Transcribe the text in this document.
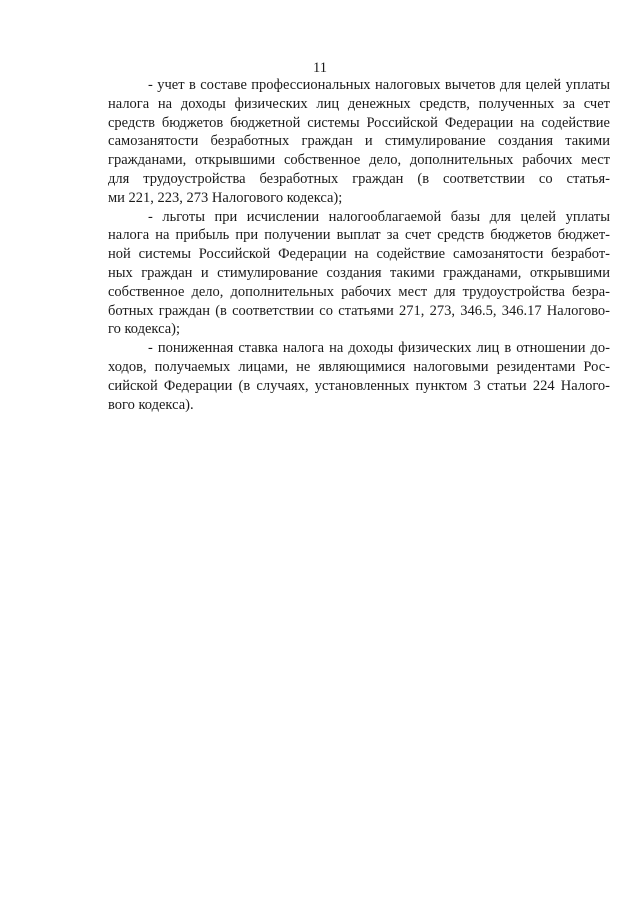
11

- учет в составе профессиональных налоговых вычетов для целей уплаты
налога на доходы физических лиц денежных средств, полученных за счет
средств бюджетов бюджетной системы Российской Федерации на содействие
самозанятости безработных граждан и стимулирование создания такими
гражданами, открывшими собственное дело, дополнительных рабочих мест
для трудоустройства безработных граждан (в соответствии со статья-
ми 221, 223, 273 Налогового кодекса);

- льготы при исчислении налогооблагаемой базы для целей уплаты
налога на прибыль при получении выплат за счет средств бюджетов бюджет-
ной системы Российской Федерации на содействие самозанятости безработ-
ных граждан и стимулирование создания такими гражданами, открывшими
собственное дело, дополнительных рабочих мест для трудоустройства безра-
ботных граждан (в соответствии со статьями 271, 273, 346.5, 346.17 Налогово-
го кодекса);

- пониженная ставка налога на доходы физических лиц в отношении до-
ходов, получаемых лицами, не являющимися налоговыми резидентами Рос-
сийской Федерации (в случаях, установленных пунктом 3 статьи 224 Налого-
вого кодекса).
